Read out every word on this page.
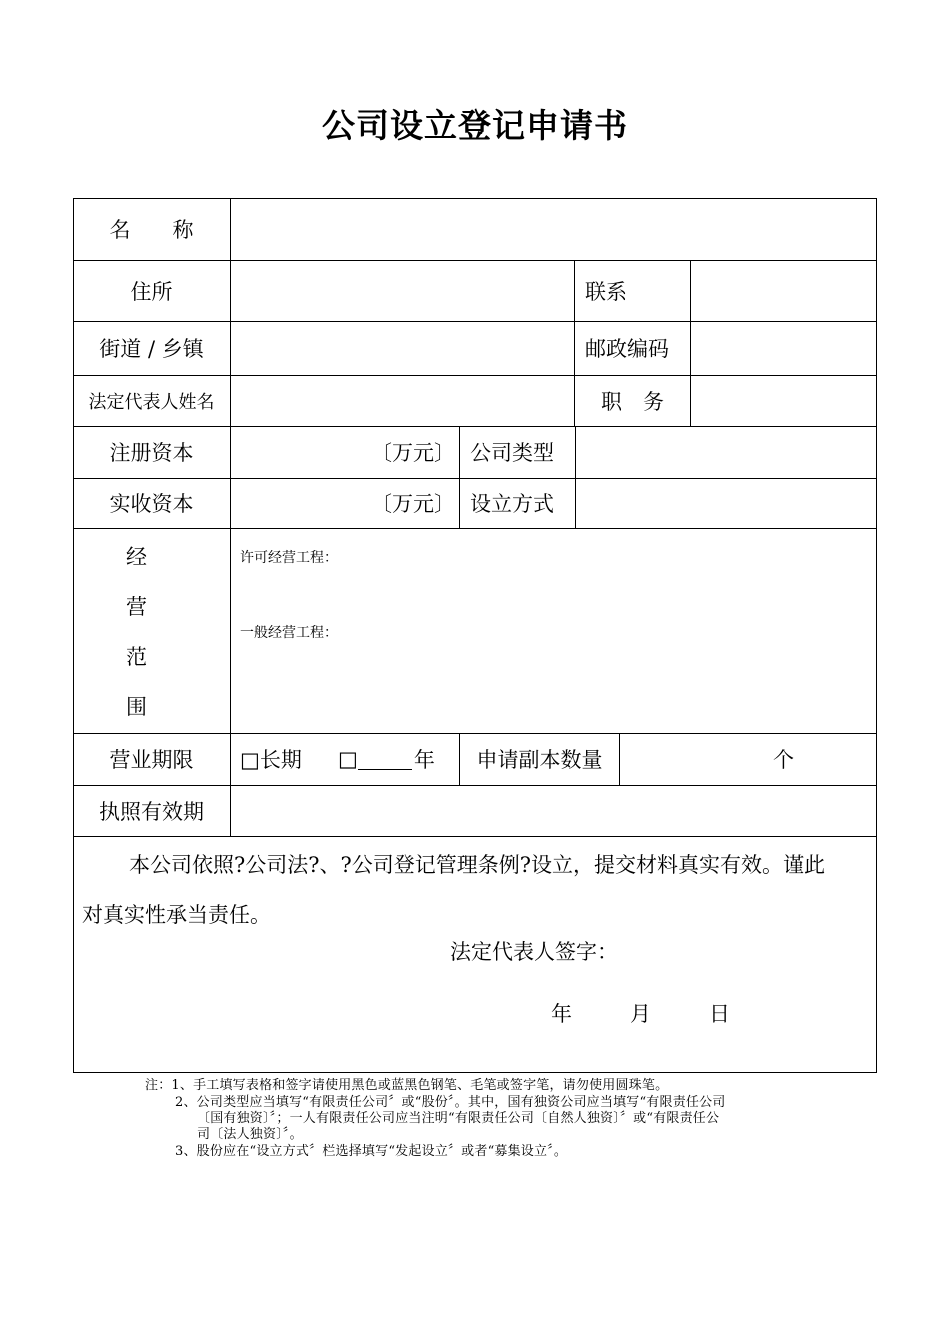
公司设立登记申请书
名　　称
住所	联系
街道 / 乡镇	邮政编码
法定代表人姓名	职　务
注册资本	〔万元〕 公司类型
实收资本	〔万元〕 设立方式
经
营
范
围
许可经营工程：
一般经营工程：
营业期限	□长期	□	年	申请副本数量	个
执照有效期
本公司依照?公司法?、?公司登记管理条例?设立，提交材料真实有效。谨此
对真实性承当责任。
法定代表人签字：
年	月	日
注：1、手工填写表格和签字请使用黑色或蓝黑色钢笔、毛笔或签字笔，请勿使用圆珠笔。
2、公司类型应当填写“有限责任公司〞或“股份〞。其中，国有独资公司应当填写“有限责任公司
〔国有独资〕〞；一人有限责任公司应当注明“有限责任公司〔自然人独资〕〞或“有限责任公
司〔法人独资〕〞。
3、股份应在“设立方式〞栏选择填写“发起设立〞或者“募集设立〞。
